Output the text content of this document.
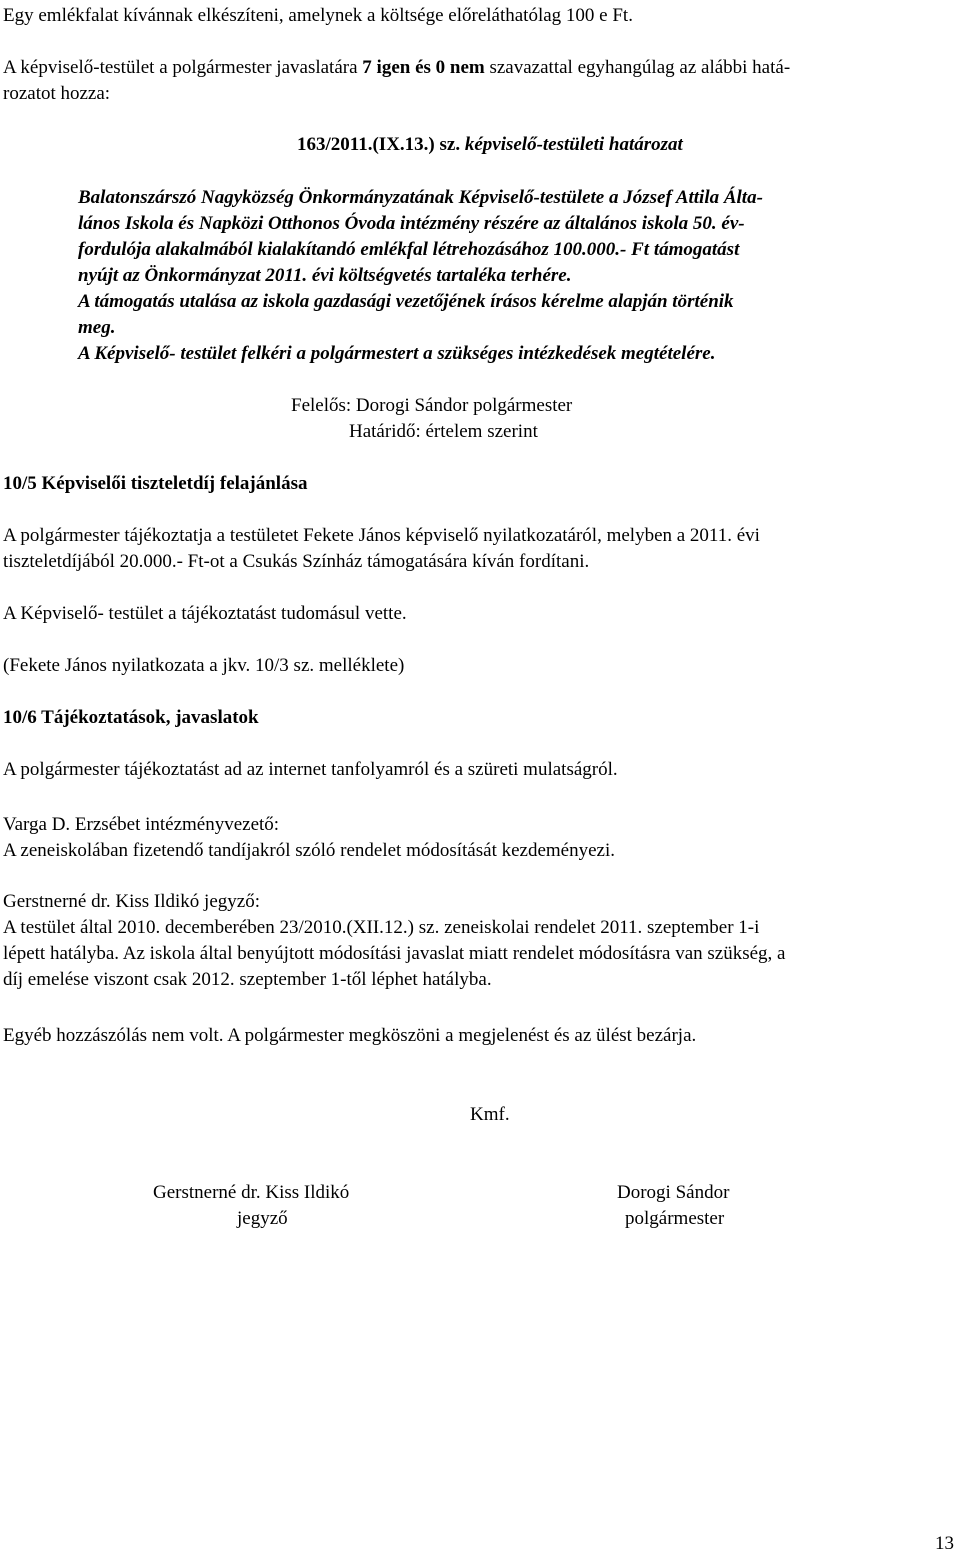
Egy emlékfalat kívánnak elkészíteni, amelynek a költsége előreláthatólag 100 e Ft.
A képviselő-testület a polgármester javaslatára 7 igen és 0 nem szavazattal egyhangúlag az alábbi hatá-
rozatot hozza:
163/2011.(IX.13.) sz. képviselő-testületi határozat
Balatonszárszó Nagyközség Önkormányzatának Képviselő-testülete a József Attila Álta-
lános Iskola és Napközi Otthonos Óvoda intézmény részére az általános iskola 50. év-
fordulója alakalmából kialakítandó emlékfal létrehozásához 100.000.- Ft támogatást
nyújt az Önkormányzat 2011. évi költségvetés tartaléka terhére.
A támogatás utalása az iskola gazdasági vezetőjének írásos kérelme alapján történik
meg.
A Képviselő- testület felkéri a polgármestert a szükséges intézkedések megtételére.
Felelős: Dorogi Sándor polgármester
Határidő: értelem szerint
10/5 Képviselői tiszteletdíj felajánlása
A polgármester tájékoztatja a testületet Fekete János képviselő nyilatkozatáról, melyben a 2011. évi
tiszteletdíjából 20.000.- Ft-ot a Csukás Színház támogatására kíván fordítani.
A Képviselő- testület a tájékoztatást tudomásul vette.
(Fekete János nyilatkozata a jkv. 10/3 sz. melléklete)
10/6 Tájékoztatások, javaslatok
A polgármester tájékoztatást ad az internet tanfolyamról és a szüreti mulatságról.
Varga D. Erzsébet intézményvezető:
A zeneiskolában fizetendő tandíjakról szóló rendelet módosítását kezdeményezi.
Gerstnerné dr. Kiss Ildikó jegyző:
A testület által 2010. decemberében 23/2010.(XII.12.) sz. zeneiskolai rendelet 2011. szeptember 1-i
lépett hatályba. Az iskola által benyújtott módosítási javaslat miatt rendelet módosításra van szükség, a
díj emelése viszont csak 2012. szeptember 1-től léphet hatályba.
Egyéb hozzászólás nem volt. A polgármester megköszöni a megjelenést és az ülést bezárja.
Kmf.
Gerstnerné dr. Kiss Ildikó
jegyző
Dorogi Sándor
polgármester
13
